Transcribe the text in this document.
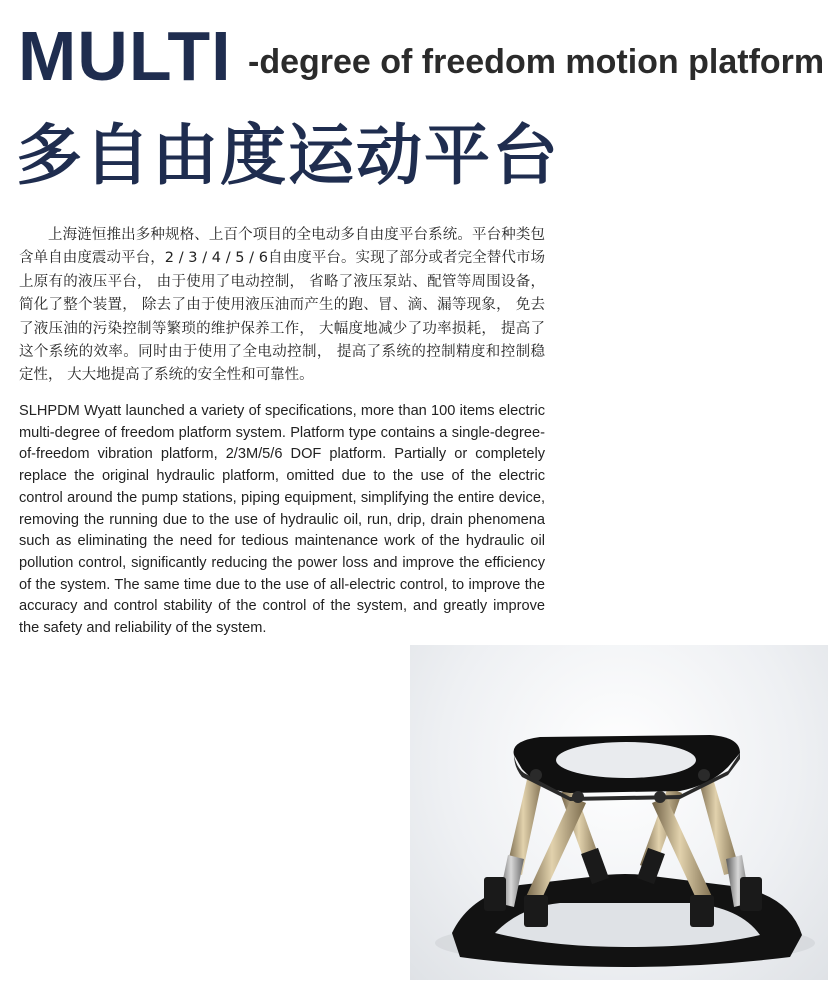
MULTI -degree of freedom motion platform
多自由度运动平台

上海涟恒推出多种规格、上百个项目的全电动多自由度平台系统。平台种类包含单自由度震动平台，2 / 3 / 4 / 5 / 6自由度平台。实现了部分或者完全替代市场上原有的液压平台， 由于使用了电动控制， 省略了液压泵站、配管等周围设备， 简化了整个装置， 除去了由于使用液压油而产生的跑、冒、滴、漏等现象， 免去了液压油的污染控制等繁琐的维护保养工作， 大幅度地减少了功率损耗， 提高了这个系统的效率。同时由于使用了全电动控制， 提高了系统的控制精度和控制稳定性， 大大地提高了系统的安全性和可靠性。

SLHPDM Wyatt launched a variety of specifications, more than 100 items electric multi-degree of freedom platform system. Platform type contains a single-degree-of-freedom vibration platform, 2/3M/5/6 DOF platform. Partially or completely replace the original hydraulic platform, omitted due to the use of the electric control around the pump stations, piping equipment, simplifying the entire device, removing the running due to the use of hydraulic oil, run, drip, drain phenomena such as eliminating the need for tedious maintenance work of the hydraulic oil pollution control, significantly reducing the power loss and improve the efficiency of the system. The same time due to the use of all-electric control, to improve the accuracy and control stability of the control of the system, and greatly improve the safety and reliability of the system.
